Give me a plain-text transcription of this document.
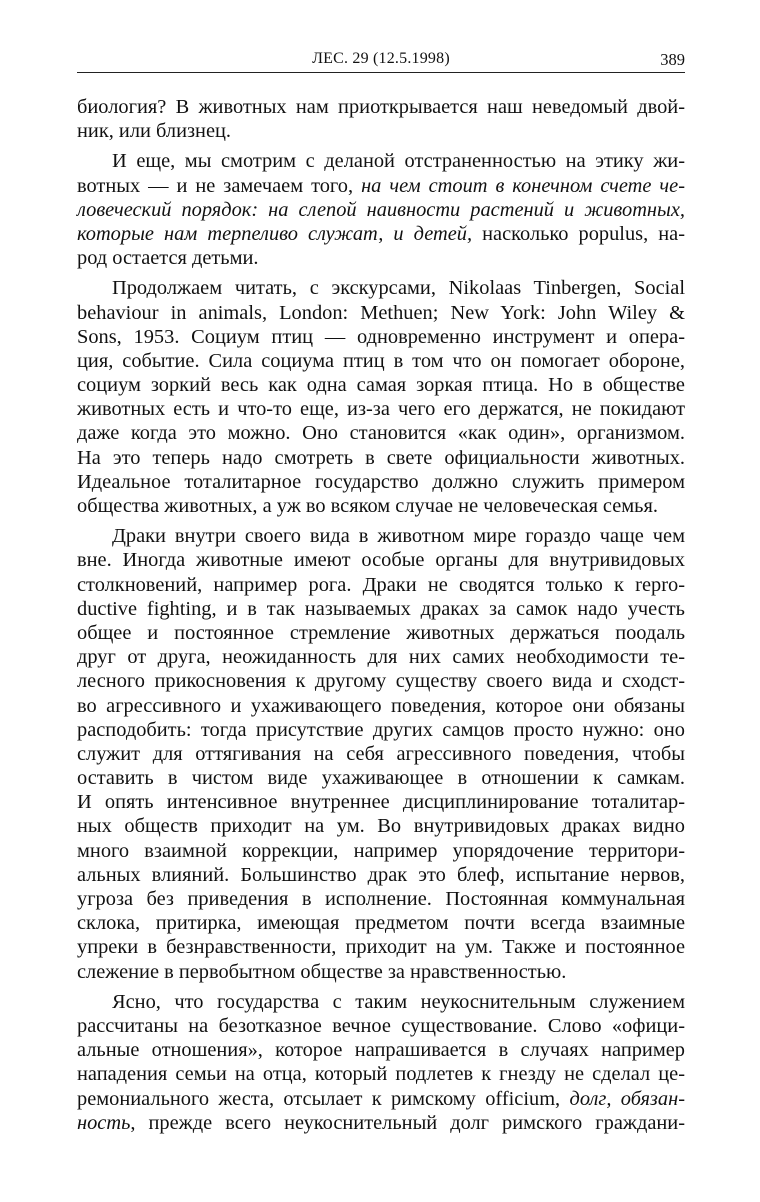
ЛЕС. 29 (12.5.1998)	389
биология? В животных нам приоткрывается наш неведомый двой-
ник, или близнец.
И еще, мы смотрим с деланой отстраненностью на этику жи-
вотных — и не замечаем того, на чем стоит в конечном счете че-
ловеческий порядок: на слепой наивности растений и животных,
которые нам терпеливо служат, и детей, насколько populus, на-
род остается детьми.
Продолжаем читать, с экскурсами, Nikolaas Tinbergen, Social
behaviour in animals, London: Methuen; New York: John Wiley &
Sons, 1953. Социум птиц — одновременно инструмент и опера-
ция, событие. Сила социума птиц в том что он помогает обороне,
социум зоркий весь как одна самая зоркая птица. Но в обществе
животных есть и что-то еще, из-за чего его держатся, не покидают
даже когда это можно. Оно становится «как один», организмом.
На это теперь надо смотреть в свете официальности животных.
Идеальное тоталитарное государство должно служить примером
общества животных, а уж во всяком случае не человеческая семья.
Драки внутри своего вида в животном мире гораздо чаще чем
вне. Иногда животные имеют особые органы для внутривидовых
столкновений, например рога. Драки не сводятся только к repro-
ductive fighting, и в так называемых драках за самок надо учесть
общее и постоянное стремление животных держаться поодаль
друг от друга, неожиданность для них самих необходимости те-
лесного прикосновения к другому существу своего вида и сходст-
во агрессивного и ухаживающего поведения, которое они обязаны
расподобить: тогда присутствие других самцов просто нужно: оно
служит для оттягивания на себя агрессивного поведения, чтобы
оставить в чистом виде ухаживающее в отношении к самкам.
И опять интенсивное внутреннее дисциплинирование тоталитар-
ных обществ приходит на ум. Во внутривидовых драках видно
много взаимной коррекции, например упорядочение территори-
альных влияний. Большинство драк это блеф, испытание нервов,
угроза без приведения в исполнение. Постоянная коммунальная
склока, притирка, имеющая предметом почти всегда взаимные
упреки в безнравственности, приходит на ум. Также и постоянное
слежение в первобытном обществе за нравственностью.
Ясно, что государства с таким неукоснительным служением
рассчитаны на безотказное вечное существование. Слово «офици-
альные отношения», которое напрашивается в случаях например
нападения семьи на отца, который подлетев к гнезду не сделал це-
ремониального жеста, отсылает к римскому officium, долг, обязан-
ность, прежде всего неукоснительный долг римского граждани-
